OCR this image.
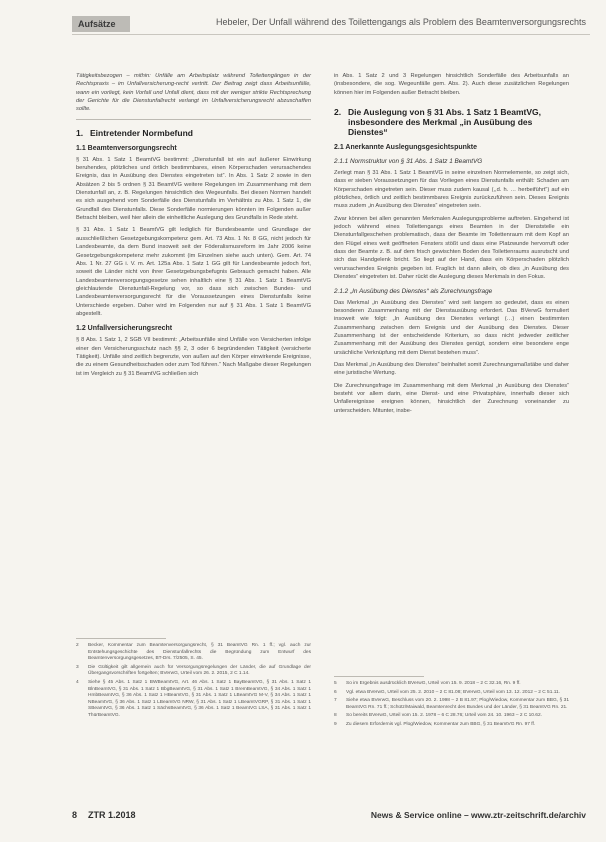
Aufsätze	Hebeler, Der Unfall während des Toilettengangs als Problem des Beamtenversorgungsrechts

Tätigkeitsbezogen – mithin: Unfälle am Arbeitsplatz während Toilettengängen in der Rechtspraxis – im Unfallversicherung-recht vertritt. Der Beitrag zeigt dass Arbeitsunfälle, wann ein vorliegt, kein Vorfall und Unfall dient, dass mit der weniger strikte Rechtsprechung der Gerichte für die Dienstunfallrecht verlangt im Unfallversicherungsrecht abzuschaffen sollte.

1. Eintretender Normbefund
1.1 Beamtenversorgungsrecht

§ 31 Abs. 1 Satz 1 BeamtVG bestimmt: „Dienstunfall ist ein auf äußerer Einwirkung beruhendes, plötzliches und örtlich bestimmbares, einen Körperschaden verursachendes Ereignis, das in Ausübung des Dienstes eingetreten ist“. In Abs. 1 Satz 2 sowie in den Absätzen 2 bis 5 ordnen § 31 BeamtVG weitere Regelungen im Zusammenhang mit dem Dienstunfall an, z. B. Regelungen hinsichtlich des Wegeunfalls. Bei diesen Normen handelt es sich ausgehend vom Sonderfälle des Dienstunfalls im Verhältnis zu Abs. 1 Satz 1, die Grundfall des Dienstunfalls. Diese Sonderfälle normierungen könnten im Folgenden außer Betracht bleiben, weil hier allein die einheitliche Auslegung des Grundfalls in Rede steht.

§ 31 Abs. 1 Satz 1 BeamtVG gilt lediglich für Bundesbeamte und Grundlage der ausschließlichen Gesetzgebungskompetenz gem. Art. 73 Abs. 1 Nr. 8 GG, nicht jedoch für Landesbeamte, da dem Bund insoweit seit der Föderalismusreform im Jahr 2006 keine Gesetzgebungskompetenz mehr zukommt (im Einzelnen siehe auch unten). Gem. Art. 74 Abs. 1 Nr. 27 GG i. V. m. Art. 125a Abs. 1 Satz 1 GG gilt für Landesbeamte jedoch fort, soweit die Länder nicht von ihrer Gesetzgebungsbefugnis Gebrauch gemacht haben. Alle Landesbeamtenversorgungsgesetze sehen inhaltlich eine § 31 Abs. 1 Satz 1 BeamtVG gleichlautende Dienstunfall-Regelung vor, so dass sich zwischen Bundes- und Landesbeamtenversorgungsrecht für die Voraussetzungen eines Dienstunfalls keine Unterschiede ergeben. Daher wird im Folgenden nur auf § 31 Abs. 1 Satz 1 BeamtVG abgestellt.

1.2 Unfallversicherungsrecht

§ 8 Abs. 1 Satz 1, 2 SGB VII bestimmt: „Arbeitsunfälle sind Unfälle von Versicherten infolge einer den Versicherungsschutz nach §§ 2, 3 oder 6 begründenden Tätigkeit (versicherte Tätigkeit). Unfälle sind zeitlich begrenzte, von außen auf den Körper einwirkende Ereignisse, die zu einem Gesundheitsschaden oder zum Tod führen.“ Nach Maßgabe dieser Regelungen ist im Vergleich zu § 31 BeamtVG schließen sich

2	Becker, Kommentar zum Beamtenversorgungsrecht, § 31 BeamtVG Rn. 1 ff.; vgl. auch zur Entstehungsgeschichte des Dienstunfallrechts die Begründung zum Entwurf des Beamtenversorgungsgesetzes, BT-Drs. 7/2505, S. 45.
3	Die Gültigkeit gilt allgemein auch für Versorgungsregelungen der Länder, die auf Grundlage der Übergangsvorschriften fortgelten; BVerwG, Urteil vom 26. 2. 2015, 2 C 1.14.
4	Siehe § 45 Abs. 1 Satz 1 BWBeamtVG, Art. 46 Abs. 1 Satz 1 BayBeamtVG, § 31 Abs. 1 Satz 1 BlnBeamtVG, § 31 Abs. 1 Satz 1 BbgBeamtVG, § 31 Abs. 1 Satz 1 BremBeamtVG, § 34 Abs. 1 Satz 1 HmbBeamtVG, § 36 Abs. 1 Satz 1 HBeamtVG, § 31 Abs. 1 Satz 1 LBeamtVG M-V, § 34 Abs. 1 Satz 1 NBeamtVG, § 36 Abs. 1 Satz 1 LBeamtVG NRW, § 31 Abs. 1 Satz 1 LBeamtVGRP, § 31 Abs. 1 Satz 1 SBeamtVG, § 36 Abs. 1 Satz 1 SächsBeamtVG, § 36 Abs. 1 Satz 1 BeamtVG LSA, § 31 Abs. 1 Satz 1 ThürBeamtVG.

in Abs. 1 Satz 2 und 3 Regelungen hinsichtlich Sonderfälle des Arbeitsunfalls an (insbesondere, die sog. Wegeunfälle gem. Abs. 2). Auch diese zusätzlichen Regelungen können hier im Folgenden außer Betracht bleiben.

2. Die Auslegung von § 31 Abs. 1 Satz 1 BeamtVG, insbesondere des Merkmal „in Ausübung des Dienstes“
2.1 Anerkannte Auslegungsgesichtspunkte
2.1.1 Normstruktur von § 31 Abs. 1 Satz 1 BeamtVG

Zerlegt man § 31 Abs. 1 Satz 1 BeamtVG in seine einzelnen Normelemente, so zeigt sich, dass er sieben Voraussetzungen für das Vorliegen eines Dienstunfalls enthält: Schaden am Körperschaden eingetreten sein. Dieser muss zudem kausal (,,d. h. … herbeiführt“) auf ein plötzliches, örtlich und zeitlich bestimmbares Ereignis zurückzuführen sein. Dieses Ereignis muss zudem „in Ausübung des Dienstes“ eingetreten sein.

Zwar können bei allen genannten Merkmalen Auslegungsprobleme auftreten. Eingehend ist jedoch während eines Toilettengangs eines Beamten in der Dienststelle ein Dienstunfallgeschehen problematisch, dass der Beamte im Toilettenraum mit dem Kopf an den Flügel eines weit geöffneten Fensters stößt und dass eine Platzwunde hervorruft oder dass der Beamte z. B. auf dem frisch gewischten Boden des Toilettenraums ausrutscht und sich das Handgelenk bricht. So liegt auf der Hand, dass ein Körperschaden plötzlich verursachendes Ereignis gegeben ist. Fraglich ist dann allein, ob dies „in Ausübung des Dienstes“ eingetreten ist. Daher rückt die Auslegung dieses Merkmals in den Fokus.

2.1.2 „In Ausübung des Dienstes“ als Zurechnungsfrage

Das Merkmal „in Ausübung des Dienstes“ wird seit langem so gedeutet, dass es einen besonderen Zusammenhang mit der Dienstausübung erfordert. Das BVerwG formuliert insoweit wie folgt: „In Ausübung des Dienstes verlangt (…) einen bestimmten Zusammenhang zwischen dem Ereignis und der Ausübung des Dienstes. Dieser Zusammenhang ist der entscheidende Kriterium, so dass nicht jedweder zeitlicher Zusammenhang mit der Ausübung des Dienstes genügt, sondern eine besondere enge ursächliche Verknüpfung mit dem Dienst bestehen muss“.

Das Merkmal „in Ausübung des Dienstes“ beinhaltet somit Zurechnungsmaßstäbe und daher eine juristische Wertung.

Die Zurechnungsfrage im Zusammenhang mit dem Merkmal „in Ausübung des Dienstes“ besteht vor allem darin, eine Dienst- und eine Privatsphäre, innerhalb dieser sich Unfallereignisse ereignen können, hinsichtlich der Zurechnung voneinander zu unterscheiden. Mitunter, insbe-

5	So im Ergebnis ausdrücklich BVerwG, Urteil vom 15. 9. 2018 – 2 C 32.16, Rn. 9 ff.
6	Vgl. etwa BVerwG, Urteil vom 25. 2. 2010 – 2 C 81.08; BVerwG, Urteil vom 13. 12. 2012 – 2 C 51.11.
7	Siehe etwa BVerwG, Beschluss vom 20. 2. 1998 – 2 B 81.97; Plog/Wiedow, Kommentar zum BBG, § 31 BeamtVG Rn. 71 ff.; Schütz/Maiwald, Beamtenrecht des Bundes und der Länder, § 31 BeamtVG Rn. 21.
8	So bereits BVerwG, Urteil vom 15. 2. 1978 – 6 C 28.76; Urteil vom 24. 10. 1963 – 2 C 10.62.
9	Zu diesem Erfordernis vgl. Plog/Wiedow, Kommentar zum BBG, § 31 BeamtVG Rn. 97 ff.
8 ZTR 1.2018	News & Service online – www.ztr-zeitschrift.de/archiv
